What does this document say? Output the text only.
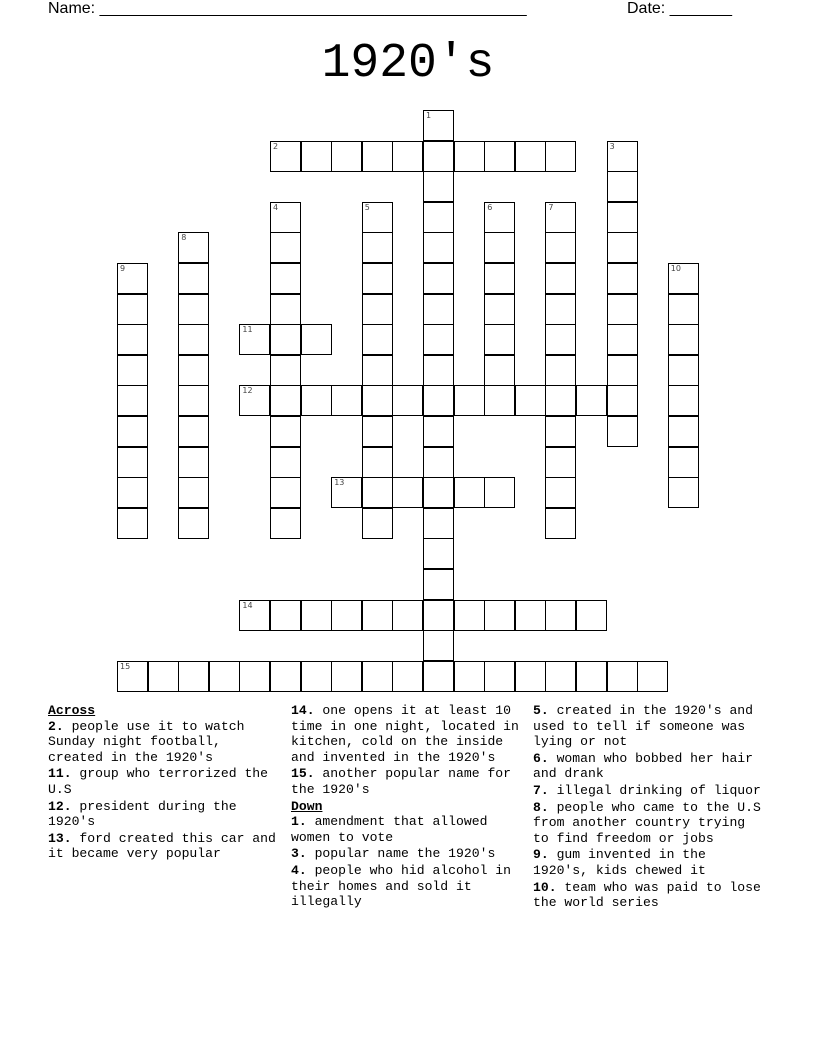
Name: ________________________________________________	Date: _______
1920's
1
2	3
4	5	6	7
8
9	10
11
12
13
14
15
Across
2. people use it to watch Sunday night football, created in the 1920's
11. group who terrorized the U.S
12. president during the 1920's
13. ford created this car and it became very popular
14. one opens it at least 10 time in one night, located in kitchen, cold on the inside and invented in the 1920's
15. another popular name for the 1920's
Down
1. amendment that allowed women to vote
3. popular name the 1920's
4. people who hid alcohol in their homes and sold it illegally
5. created in the 1920's and used to tell if someone was lying or not
6. woman who bobbed her hair and drank
7. illegal drinking of liquor
8. people who came to the U.S from another country trying to find freedom or jobs
9. gum invented in the 1920's, kids chewed it
10. team who was paid to lose the world series
